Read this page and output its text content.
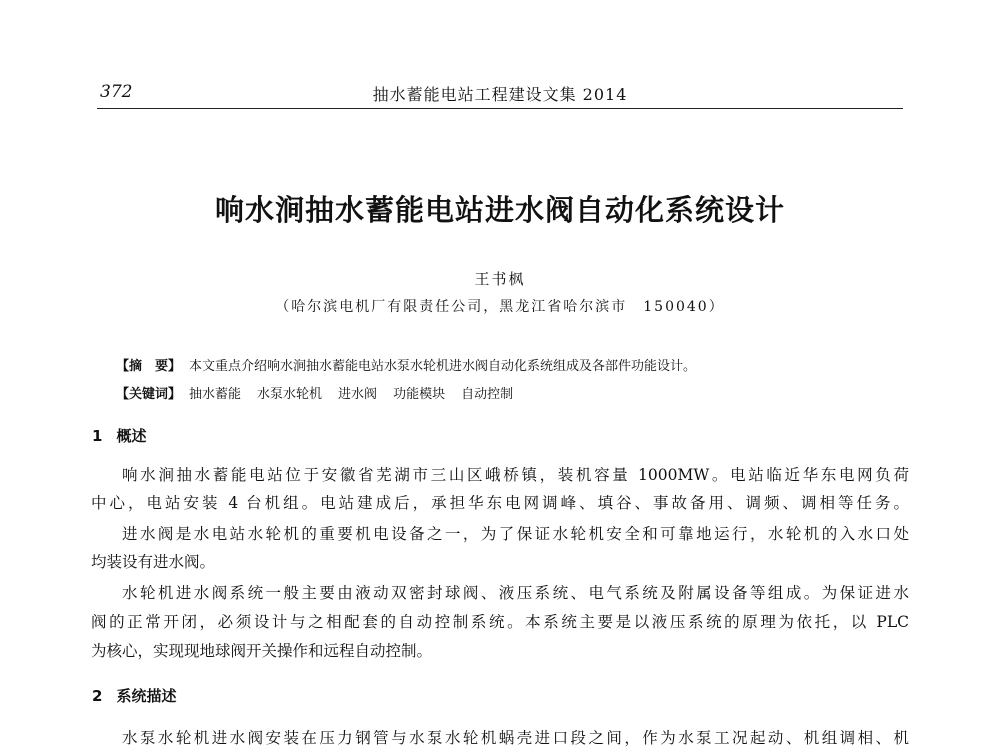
372	抽水蓄能电站工程建设文集 2014
响水涧抽水蓄能电站进水阀自动化系统设计
王书枫
（哈尔滨电机厂有限责任公司，黑龙江省哈尔滨市　150040）
【摘　要】 本文重点介绍响水涧抽水蓄能电站水泵水轮机进水阀自动化系统组成及各部件功能设计。
【关键词】 抽水蓄能 水泵水轮机 进水阀 功能模块 自动控制
1 概述
响水涧抽水蓄能电站位于安徽省芜湖市三山区峨桥镇，装机容量 1000MW。电站临近华东电网负荷
中心，电站安装 4 台机组。电站建成后，承担华东电网调峰、填谷、事故备用、调频、调相等任务。
进水阀是水电站水轮机的重要机电设备之一，为了保证水轮机安全和可靠地运行，水轮机的入水口处
均装设有进水阀。
水轮机进水阀系统一般主要由液动双密封球阀、液压系统、电气系统及附属设备等组成。为保证进水
阀的正常开闭，必须设计与之相配套的自动控制系统。本系统主要是以液压系统的原理为依托，以 PLC
为核心，实现现地球阀开关操作和远程自动控制。
2 系统描述
水泵水轮机进水阀安装在压力钢管与水泵水轮机蜗壳进口段之间，作为水泵工况起动、机组调相、机
